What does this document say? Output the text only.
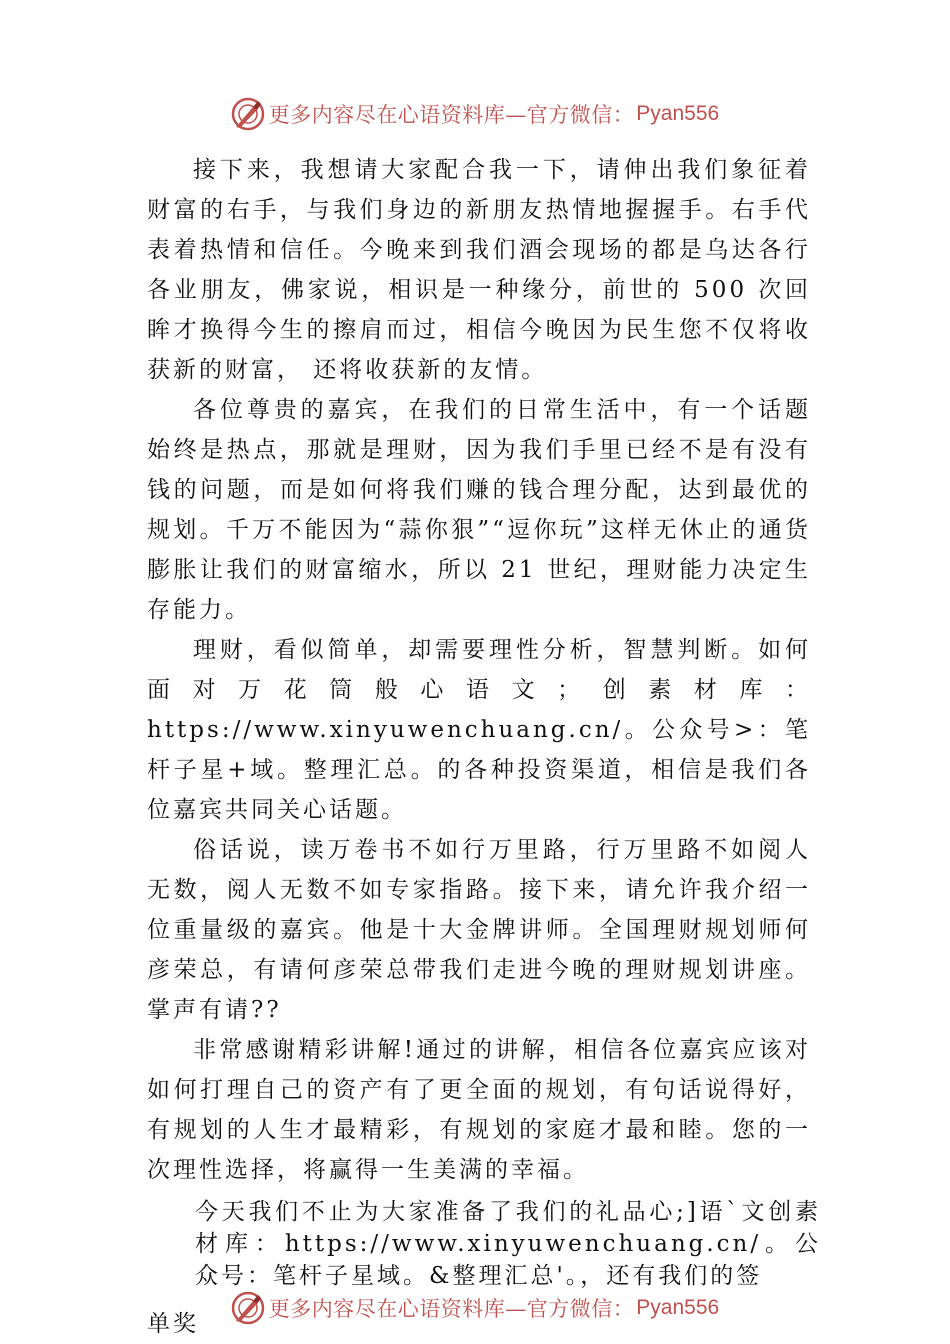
更多内容尽在心语资料库—官方微信： Pyan556

接下来，我想请大家配合我一下，请伸出我们象征着财富的右手，与我们身边的新朋友热情地握握手。右手代表着热情和信任。今晚来到我们酒会现场的都是乌达各行各业朋友，佛家说，相识是一种缘分，前世的 500 次回眸才换得今生的擦肩而过，相信今晚因为民生您不仅将收获新的财富， 还将收获新的友情。

各位尊贵的嘉宾，在我们的日常生活中，有一个话题始终是热点，那就是理财，因为我们手里已经不是有没有钱的问题，而是如何将我们赚的钱合理分配，达到最优的规划。千万不能因为“蒜你狠”“逗你玩”这样无休止的通货膨胀让我们的财富缩水，所以 21 世纪，理财能力决定生存能力。

理财，看似简单，却需要理性分析，智慧判断。如何面对万花筒般心语文；创素材库：https://www.xinyuwenchuang.cn/。公众号>：笔杆子星+域。整理汇总。的各种投资渠道，相信是我们各位嘉宾共同关心话题。

俗话说，读万卷书不如行万里路，行万里路不如阅人无数，阅人无数不如专家指路。接下来，请允许我介绍一位重量级的嘉宾。他是十大金牌讲师。全国理财规划师何彦荣总，有请何彦荣总带我们走进今晚的理财规划讲座。掌声有请??

非常感谢精彩讲解!通过的讲解，相信各位嘉宾应该对如何打理自己的资产有了更全面的规划，有句话说得好，有规划的人生才最精彩，有规划的家庭才最和睦。您的一次理性选择，将赢得一生美满的幸福。

今天我们不止为大家准备了我们的礼品心;]语`文创素材库：https://www.xinyuwenchuang.cn/。公众号：笔杆子星域。&整理汇总'。，还有我们的签

单奖
更多内容尽在心语资料库—官方微信： Pyan556
